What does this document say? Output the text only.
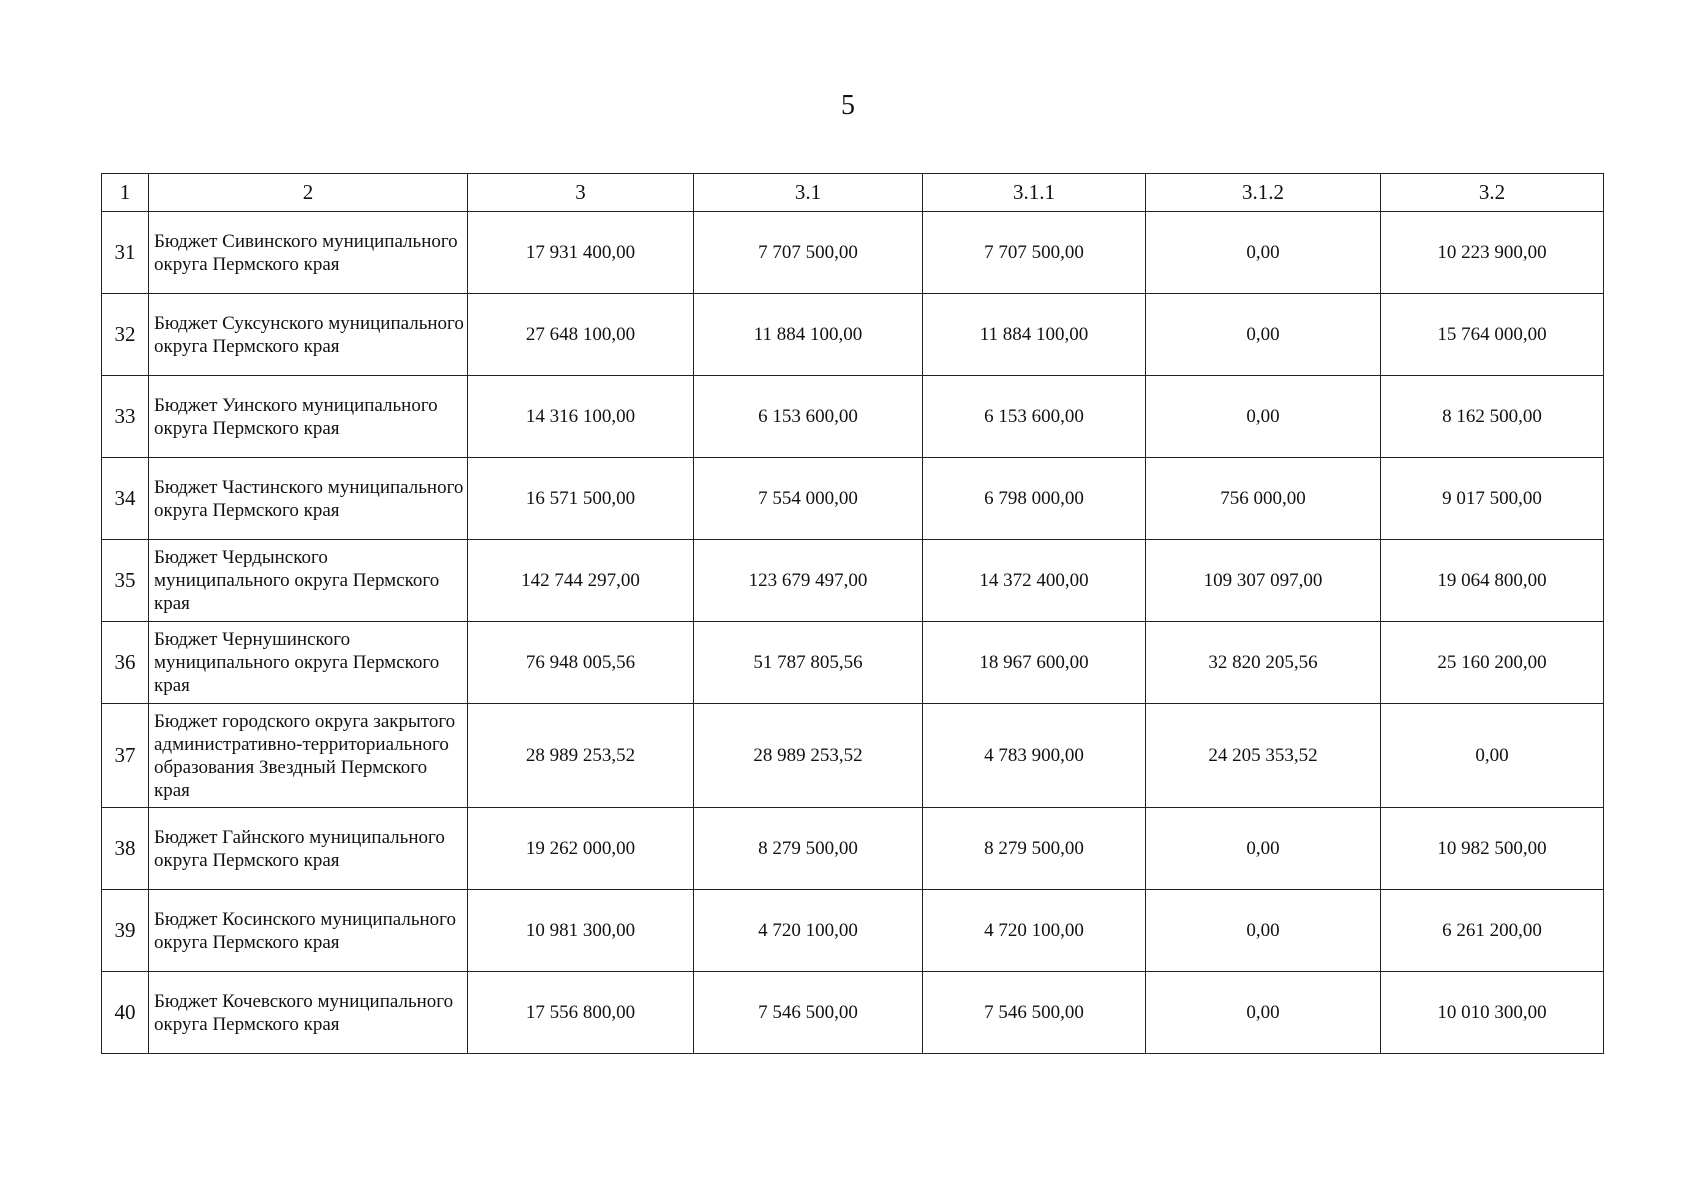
5
1	2	3	3.1	3.1.1	3.1.2	3.2
31	Бюджет Сивинского муниципального округа Пермского края	17 931 400,00	7 707 500,00	7 707 500,00	0,00	10 223 900,00
32	Бюджет Суксунского муниципального округа Пермского края	27 648 100,00	11 884 100,00	11 884 100,00	0,00	15 764 000,00
33	Бюджет Уинского муниципального округа Пермского края	14 316 100,00	6 153 600,00	6 153 600,00	0,00	8 162 500,00
34	Бюджет Частинского муниципального округа Пермского края	16 571 500,00	7 554 000,00	6 798 000,00	756 000,00	9 017 500,00
35	Бюджет Чердынского муниципального округа Пермского края	142 744 297,00	123 679 497,00	14 372 400,00	109 307 097,00	19 064 800,00
36	Бюджет Чернушинского муниципального округа Пермского края	76 948 005,56	51 787 805,56	18 967 600,00	32 820 205,56	25 160 200,00
37	Бюджет городского округа закрытого административно-территориального образования Звездный Пермского края	28 989 253,52	28 989 253,52	4 783 900,00	24 205 353,52	0,00
38	Бюджет Гайнского муниципального округа Пермского края	19 262 000,00	8 279 500,00	8 279 500,00	0,00	10 982 500,00
39	Бюджет Косинского муниципального округа Пермского края	10 981 300,00	4 720 100,00	4 720 100,00	0,00	6 261 200,00
40	Бюджет Кочевского муниципального округа Пермского края	17 556 800,00	7 546 500,00	7 546 500,00	0,00	10 010 300,00
